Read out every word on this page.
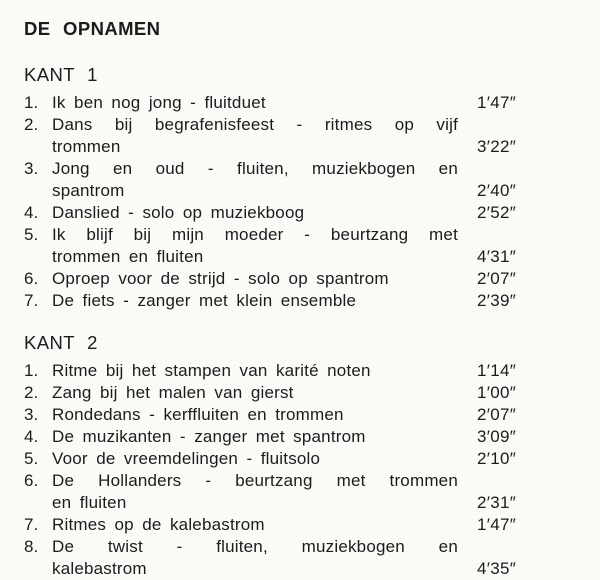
DE OPNAMEN
KANT 1
1. Ik ben nog jong - fluitduet	1′47″
2. Dans bij begrafenisfeest - ritmes op vijf
trommen	3′22″
3. Jong en oud - fluiten, muziekbogen en
spantrom	2′40″
4. Danslied - solo op muziekboog	2′52″
5. Ik blijf bij mijn moeder - beurtzang met
trommen en fluiten	4′31″
6. Oproep voor de strijd - solo op spantrom	2′07″
7. De fiets - zanger met klein ensemble	2′39″
KANT 2
1. Ritme bij het stampen van karité noten	1′14″
2. Zang bij het malen van gierst	1′00″
3. Rondedans - kerffluiten en trommen	2′07″
4. De muzikanten - zanger met spantrom	3′09″
5. Voor de vreemdelingen - fluitsolo	2′10″
6. De Hollanders - beurtzang met trommen
en fluiten	2′31″
7. Ritmes op de kalebastrom	1′47″
8. De twist - fluiten, muziekbogen en
kalebastrom	4′35″
